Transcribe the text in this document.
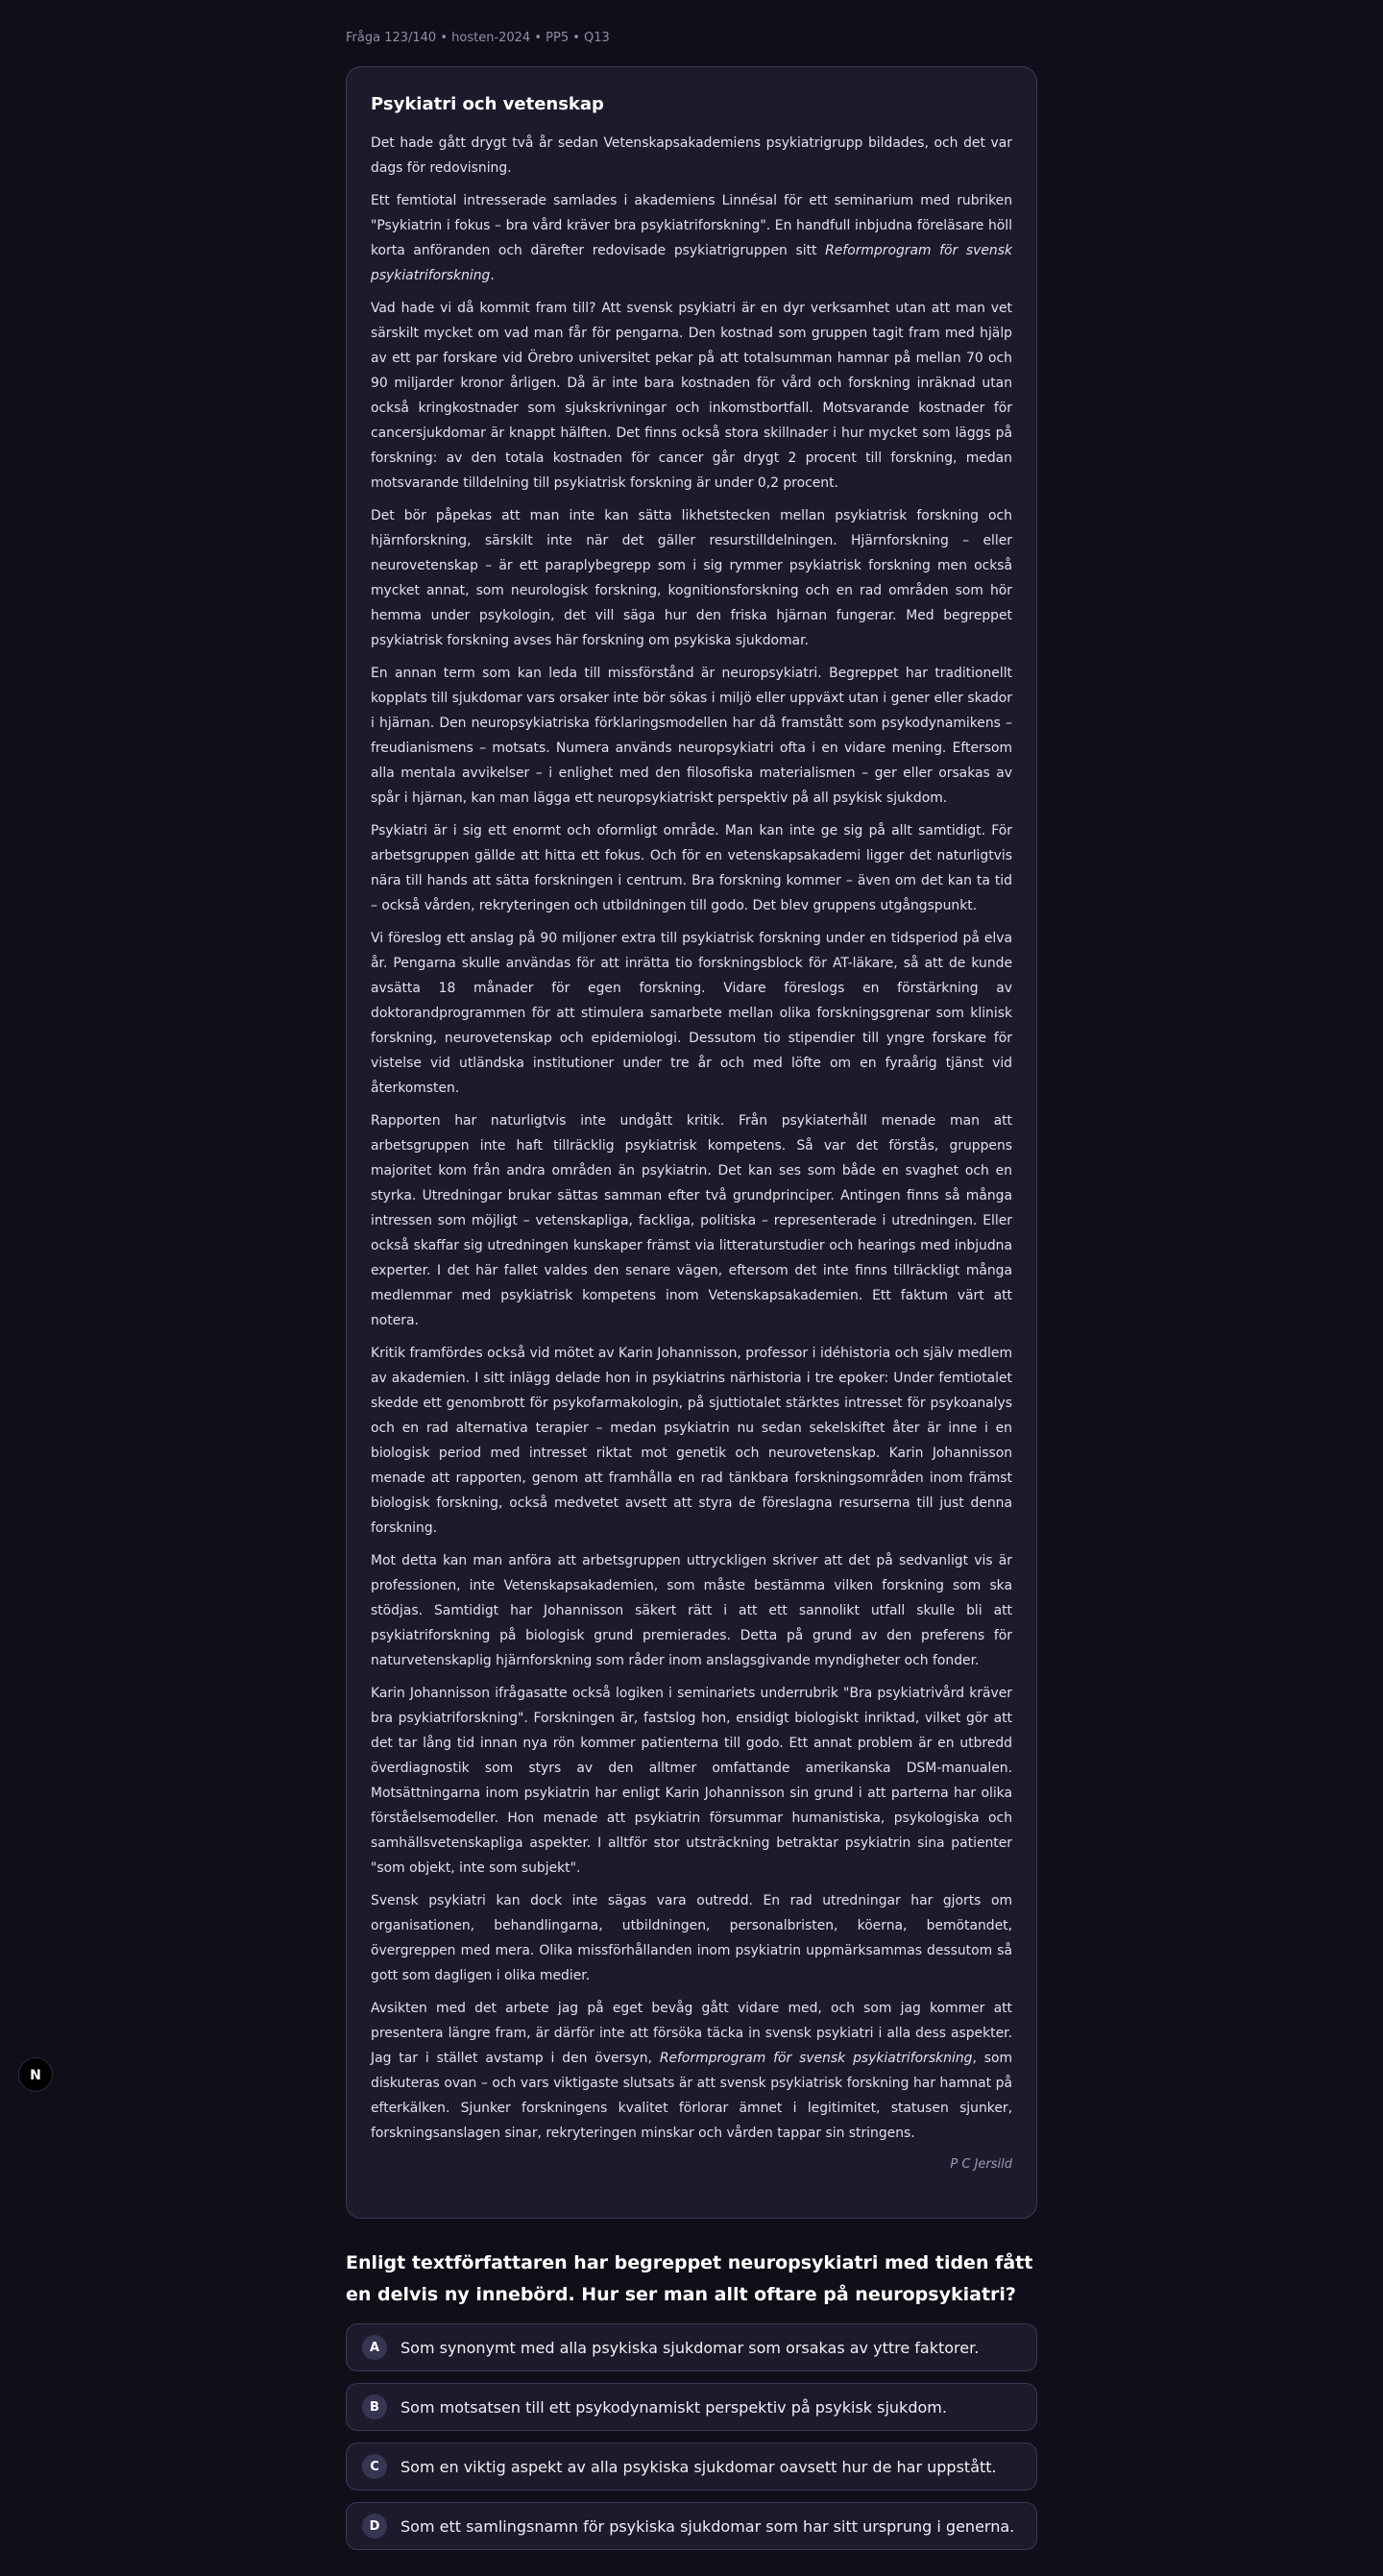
Fråga 123/140 • hosten-2024 • PP5 • Q13
Psykiatri och vetenskap

Det hade gått drygt två år sedan Vetenskapsakademiens psykiatrigrupp bildades, och det var dags för redovisning.

Ett femtiotal intresserade samlades i akademiens Linnésal för ett seminarium med rubriken "Psykiatrin i fokus – bra vård kräver bra psykiatriforskning". En handfull inbjudna föreläsare höll korta anföranden och därefter redovisade psykiatrigruppen sitt Reformprogram för svensk psykiatriforskning.

Vad hade vi då kommit fram till? Att svensk psykiatri är en dyr verksamhet utan att man vet särskilt mycket om vad man får för pengarna. Den kostnad som gruppen tagit fram med hjälp av ett par forskare vid Örebro universitet pekar på att totalsumman hamnar på mellan 70 och 90 miljarder kronor årligen. Då är inte bara kostnaden för vård och forskning inräknad utan också kringkostnader som sjukskrivningar och inkomstbortfall. Motsvarande kostnader för cancersjukdomar är knappt hälften. Det finns också stora skillnader i hur mycket som läggs på forskning: av den totala kostnaden för cancer går drygt 2 procent till forskning, medan motsvarande tilldelning till psykiatrisk forskning är under 0,2 procent.

Det bör påpekas att man inte kan sätta likhetstecken mellan psykiatrisk forskning och hjärnforskning, särskilt inte när det gäller resurstilldelningen. Hjärnforskning – eller neurovetenskap – är ett paraplybegrepp som i sig rymmer psykiatrisk forskning men också mycket annat, som neurologisk forskning, kognitionsforskning och en rad områden som hör hemma under psykologin, det vill säga hur den friska hjärnan fungerar. Med begreppet psykiatrisk forskning avses här forskning om psykiska sjukdomar.

En annan term som kan leda till missförstånd är neuropsykiatri. Begreppet har traditionellt kopplats till sjukdomar vars orsaker inte bör sökas i miljö eller uppväxt utan i gener eller skador i hjärnan. Den neuropsykiatriska förklaringsmodellen har då framstått som psykodynamikens – freudianismens – motsats. Numera används neuropsykiatri ofta i en vidare mening. Eftersom alla mentala avvikelser – i enlighet med den filosofiska materialismen – ger eller orsakas av spår i hjärnan, kan man lägga ett neuropsykiatriskt perspektiv på all psykisk sjukdom.

Psykiatri är i sig ett enormt och oformligt område. Man kan inte ge sig på allt samtidigt. För arbetsgruppen gällde att hitta ett fokus. Och för en vetenskapsakademi ligger det naturligtvis nära till hands att sätta forskningen i centrum. Bra forskning kommer – även om det kan ta tid – också vården, rekryteringen och utbildningen till godo. Det blev gruppens utgångspunkt.

Vi föreslog ett anslag på 90 miljoner extra till psykiatrisk forskning under en tidsperiod på elva år. Pengarna skulle användas för att inrätta tio forskningsblock för AT-läkare, så att de kunde avsätta 18 månader för egen forskning. Vidare föreslogs en förstärkning av doktorandprogrammen för att stimulera samarbete mellan olika forskningsgrenar som klinisk forskning, neurovetenskap och epidemiologi. Dessutom tio stipendier till yngre forskare för vistelse vid utländska institutioner under tre år och med löfte om en fyraårig tjänst vid återkomsten.

Rapporten har naturligtvis inte undgått kritik. Från psykiaterhåll menade man att arbetsgruppen inte haft tillräcklig psykiatrisk kompetens. Så var det förstås, gruppens majoritet kom från andra områden än psykiatrin. Det kan ses som både en svaghet och en styrka. Utredningar brukar sättas samman efter två grundprinciper. Antingen finns så många intressen som möjligt – vetenskapliga, fackliga, politiska – representerade i utredningen. Eller också skaffar sig utredningen kunskaper främst via litteraturstudier och hearings med inbjudna experter. I det här fallet valdes den senare vägen, eftersom det inte finns tillräckligt många medlemmar med psykiatrisk kompetens inom Vetenskapsakademien. Ett faktum värt att notera.

Kritik framfördes också vid mötet av Karin Johannisson, professor i idéhistoria och själv medlem av akademien. I sitt inlägg delade hon in psykiatrins närhistoria i tre epoker: Under femtiotalet skedde ett genombrott för psykofarmakologin, på sjuttiotalet stärktes intresset för psykoanalys och en rad alternativa terapier – medan psykiatrin nu sedan sekelskiftet åter är inne i en biologisk period med intresset riktat mot genetik och neurovetenskap. Karin Johannisson menade att rapporten, genom att framhålla en rad tänkbara forskningsområden inom främst biologisk forskning, också medvetet avsett att styra de föreslagna resurserna till just denna forskning.

Mot detta kan man anföra att arbetsgruppen uttryckligen skriver att det på sedvanligt vis är professionen, inte Vetenskapsakademien, som måste bestämma vilken forskning som ska stödjas. Samtidigt har Johannisson säkert rätt i att ett sannolikt utfall skulle bli att psykiatriforskning på biologisk grund premierades. Detta på grund av den preferens för naturvetenskaplig hjärnforskning som råder inom anslagsgivande myndigheter och fonder.

Karin Johannisson ifrågasatte också logiken i seminariets underrubrik "Bra psykiatrivård kräver bra psykiatriforskning". Forskningen är, fastslog hon, ensidigt biologiskt inriktad, vilket gör att det tar lång tid innan nya rön kommer patienterna till godo. Ett annat problem är en utbredd överdiagnostik som styrs av den alltmer omfattande amerikanska DSM-manualen. Motsättningarna inom psykiatrin har enligt Karin Johannisson sin grund i att parterna har olika förståelsemodeller. Hon menade att psykiatrin försummar humanistiska, psykologiska och samhällsvetenskapliga aspekter. I alltför stor utsträckning betraktar psykiatrin sina patienter "som objekt, inte som subjekt".

Svensk psykiatri kan dock inte sägas vara outredd. En rad utredningar har gjorts om organisationen, behandlingarna, utbildningen, personalbristen, köerna, bemötandet, övergreppen med mera. Olika missförhållanden inom psykiatrin uppmärksammas dessutom så gott som dagligen i olika medier.

Avsikten med det arbete jag på eget bevåg gått vidare med, och som jag kommer att presentera längre fram, är därför inte att försöka täcka in svensk psykiatri i alla dess aspekter. Jag tar i stället avstamp i den översyn, Reformprogram för svensk psykiatriforskning, som diskuteras ovan – och vars viktigaste slutsats är att svensk psykiatrisk forskning har hamnat på efterkälken. Sjunker forskningens kvalitet förlorar ämnet i legitimitet, statusen sjunker, forskningsanslagen sinar, rekryteringen minskar och vården tappar sin stringens.

P C Jersild
Enligt textförfattaren har begreppet neuropsykiatri med tiden fått en delvis ny innebörd. Hur ser man allt oftare på neuropsykiatri?
A	Som synonymt med alla psykiska sjukdomar som orsakas av yttre faktorer.
B	Som motsatsen till ett psykodynamiskt perspektiv på psykisk sjukdom.
C	Som en viktig aspekt av alla psykiska sjukdomar oavsett hur de har uppstått.
D	Som ett samlingsnamn för psykiska sjukdomar som har sitt ursprung i generna.
N
